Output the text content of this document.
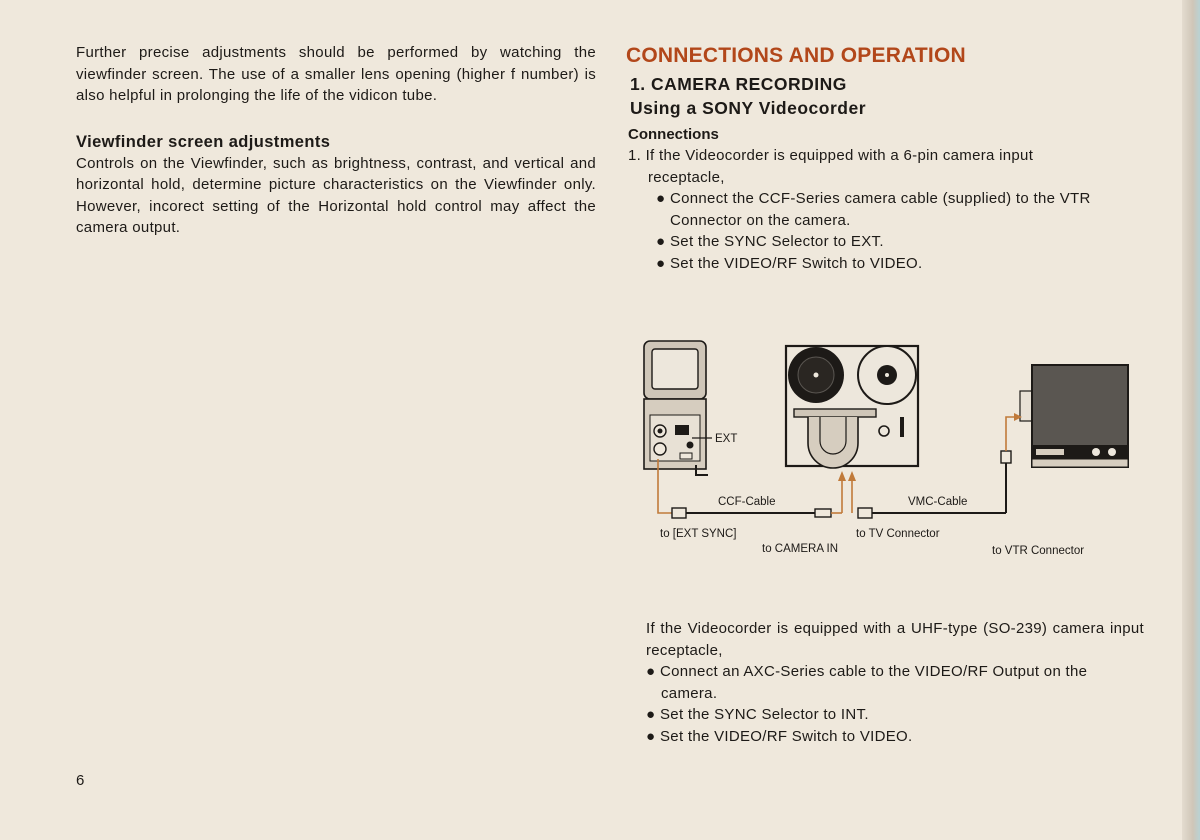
Further precise adjustments should be performed by watching the viewfinder screen. The use of a smaller lens opening (higher f number) is also helpful in prolonging the life of the vidicon tube.

Viewfinder screen adjustments

Controls on the Viewfinder, such as brightness, contrast, and vertical and horizontal hold, determine picture characteristics on the Viewfinder only. However, incorect setting of the Horizontal hold control may affect the camera output.

CONNECTIONS AND OPERATION
1. CAMERA RECORDING
Using a SONY Videocorder
Connections
1. If the Videocorder is equipped with a 6-pin camera input
receptacle,
● Connect the CCF-Series camera cable (supplied) to the VTR Connector on the camera.
● Set the SYNC Selector to EXT.
● Set the VIDEO/RF Switch to VIDEO.
EXT
CCF-Cable	VMC-Cable
to [EXT SYNC]
to CAMERA IN
to TV Connector
to VTR Connector

If the Videocorder is equipped with a UHF-type (SO-239) camera input receptacle,

● Connect an AXC-Series cable to the VIDEO/RF Output on the camera.
● Set the SYNC Selector to INT.
● Set the VIDEO/RF Switch to VIDEO.
6
